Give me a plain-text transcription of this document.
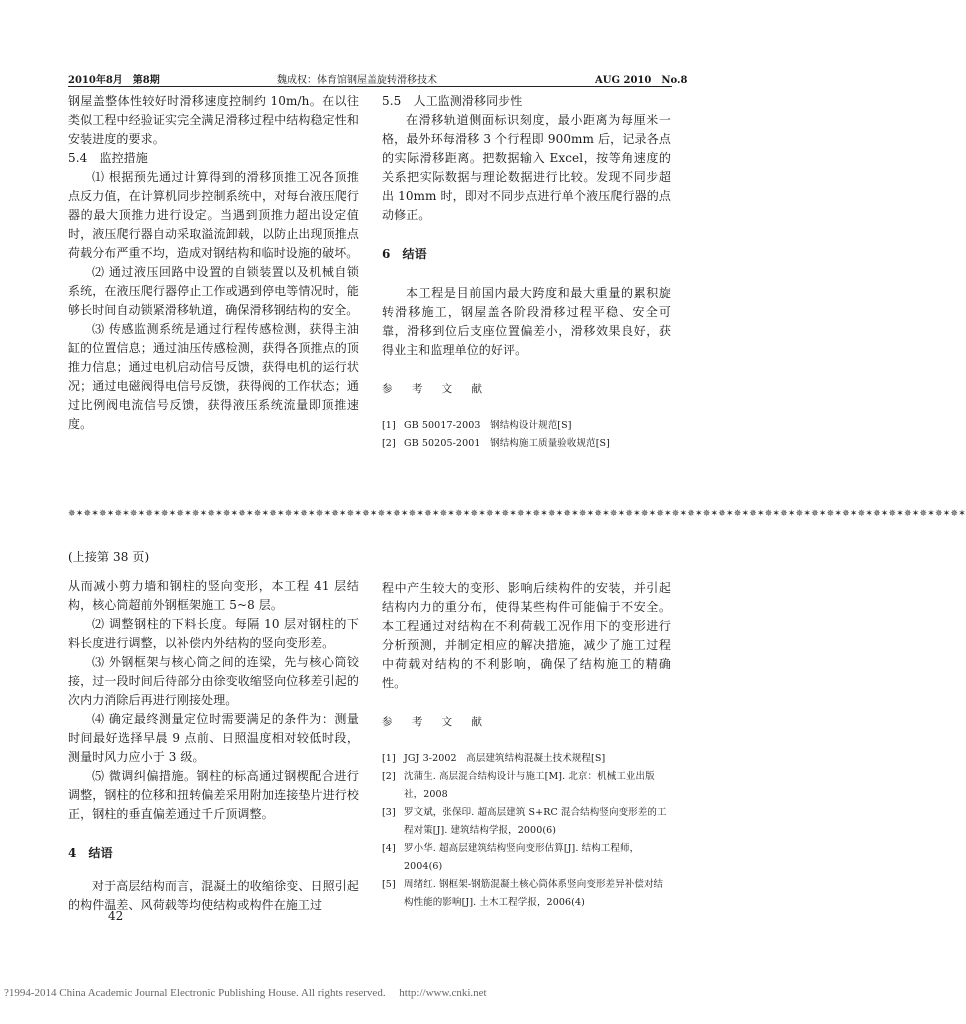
2010年8月　第8期	魏成权：体育馆钢屋盖旋转滑移技术	AUG 2010　No.8

钢屋盖整体性较好时滑移速度控制约 10m/h。在以往类似工程中经验证实完全满足滑移过程中结构稳定性和安装进度的要求。

5.4　监控措施

⑴ 根据预先通过计算得到的滑移顶推工况各顶推点反力值，在计算机同步控制系统中，对每台液压爬行器的最大顶推力进行设定。当遇到顶推力超出设定值时，液压爬行器自动采取溢流卸载，以防止出现顶推点荷载分布严重不均，造成对钢结构和临时设施的破坏。

⑵ 通过液压回路中设置的自锁装置以及机械自锁系统，在液压爬行器停止工作或遇到停电等情况时，能够长时间自动锁紧滑移轨道，确保滑移钢结构的安全。

⑶ 传感监测系统是通过行程传感检测，获得主油缸的位置信息；通过油压传感检测，获得各顶推点的顶推力信息；通过电机启动信号反馈，获得电机的运行状况；通过电磁阀得电信号反馈，获得阀的工作状态；通过比例阀电流信号反馈，获得液压系统流量即顶推速度。

5.5　人工监测滑移同步性

在滑移轨道侧面标识刻度，最小距离为每厘米一格，最外环每滑移 3 个行程即 900mm 后，记录各点的实际滑移距离。把数据输入 Excel，按等角速度的关系把实际数据与理论数据进行比较。发现不同步超出 10mm 时，即对不同步点进行单个液压爬行器的点动修正。

6　结语

本工程是目前国内最大跨度和最大重量的累积旋转滑移施工，钢屋盖各阶段滑移过程平稳、安全可靠，滑移到位后支座位置偏差小，滑移效果良好，获得业主和监理单位的好评。

参 考 文 献

[1] GB 50017-2003　钢结构设计规范[S]
[2] GB 50205-2001　钢结构施工质量验收规范[S]
✵✶✵✶✵✶✵✶✵✶✵✶✵✶✵✶✵✶✵✶✵✶✵✶✵✶✵✶✵✶✵✶✵✶✵✶✵✶✵✶✵✶✵✶✵✶✵✶✵✶✵✶✵✶✵✶✵✶✵✶✵✶✵✶✵✶✵✶✵✶✵✶✵✶✵✶✵✶✵✶✵✶✵✶✵✶✵✶✵✶✵✶✵✶✵✶✵✶✵✶✵✶✵✶✵✶✵✶✵✶✵✶✵✶✵✶

(上接第 38 页)

从而减小剪力墙和钢柱的竖向变形，本工程 41 层结构，核心筒超前外钢框架施工 5~8 层。

⑵ 调整钢柱的下料长度。每隔 10 层对钢柱的下料长度进行调整，以补偿内外结构的竖向变形差。

⑶ 外钢框架与核心筒之间的连梁，先与核心筒铰接，过一段时间后待部分由徐变收缩竖向位移差引起的次内力消除后再进行刚接处理。

⑷ 确定最终测量定位时需要满足的条件为：测量时间最好选择早晨 9 点前、日照温度相对较低时段，测量时风力应小于 3 级。

⑸ 微调纠偏措施。钢柱的标高通过钢楔配合进行调整，钢柱的位移和扭转偏差采用附加连接垫片进行校正，钢柱的垂直偏差通过千斤顶调整。

4　结语

对于高层结构而言，混凝土的收缩徐变、日照引起的构件温差、风荷载等均使结构或构件在施工过

程中产生较大的变形、影响后续构件的安装，并引起结构内力的重分布，使得某些构件可能偏于不安全。本工程通过对结构在不利荷载工况作用下的变形进行分析预测，并制定相应的解决措施，减少了施工过程中荷载对结构的不利影响，确保了结构施工的精确性。

参 考 文 献

[1] JGJ 3-2002　高层建筑结构混凝土技术规程[S]
[2] 沈蒲生. 高层混合结构设计与施工[M]. 北京：机械工业出版社，2008
[3] 罗文斌，张保印. 超高层建筑 S+RC 混合结构竖向变形差的工程对策[J]. 建筑结构学报，2000(6)
[4] 罗小华. 超高层建筑结构竖向变形估算[J]. 结构工程师，2004(6)
[5] 周绪红. 钢框架-钢筋混凝土核心筒体系竖向变形差异补偿对结构性能的影响[J]. 土木工程学报，2006(4)
42
?1994-2014 China Academic Journal Electronic Publishing House. All rights reserved.　 http://www.cnki.net
